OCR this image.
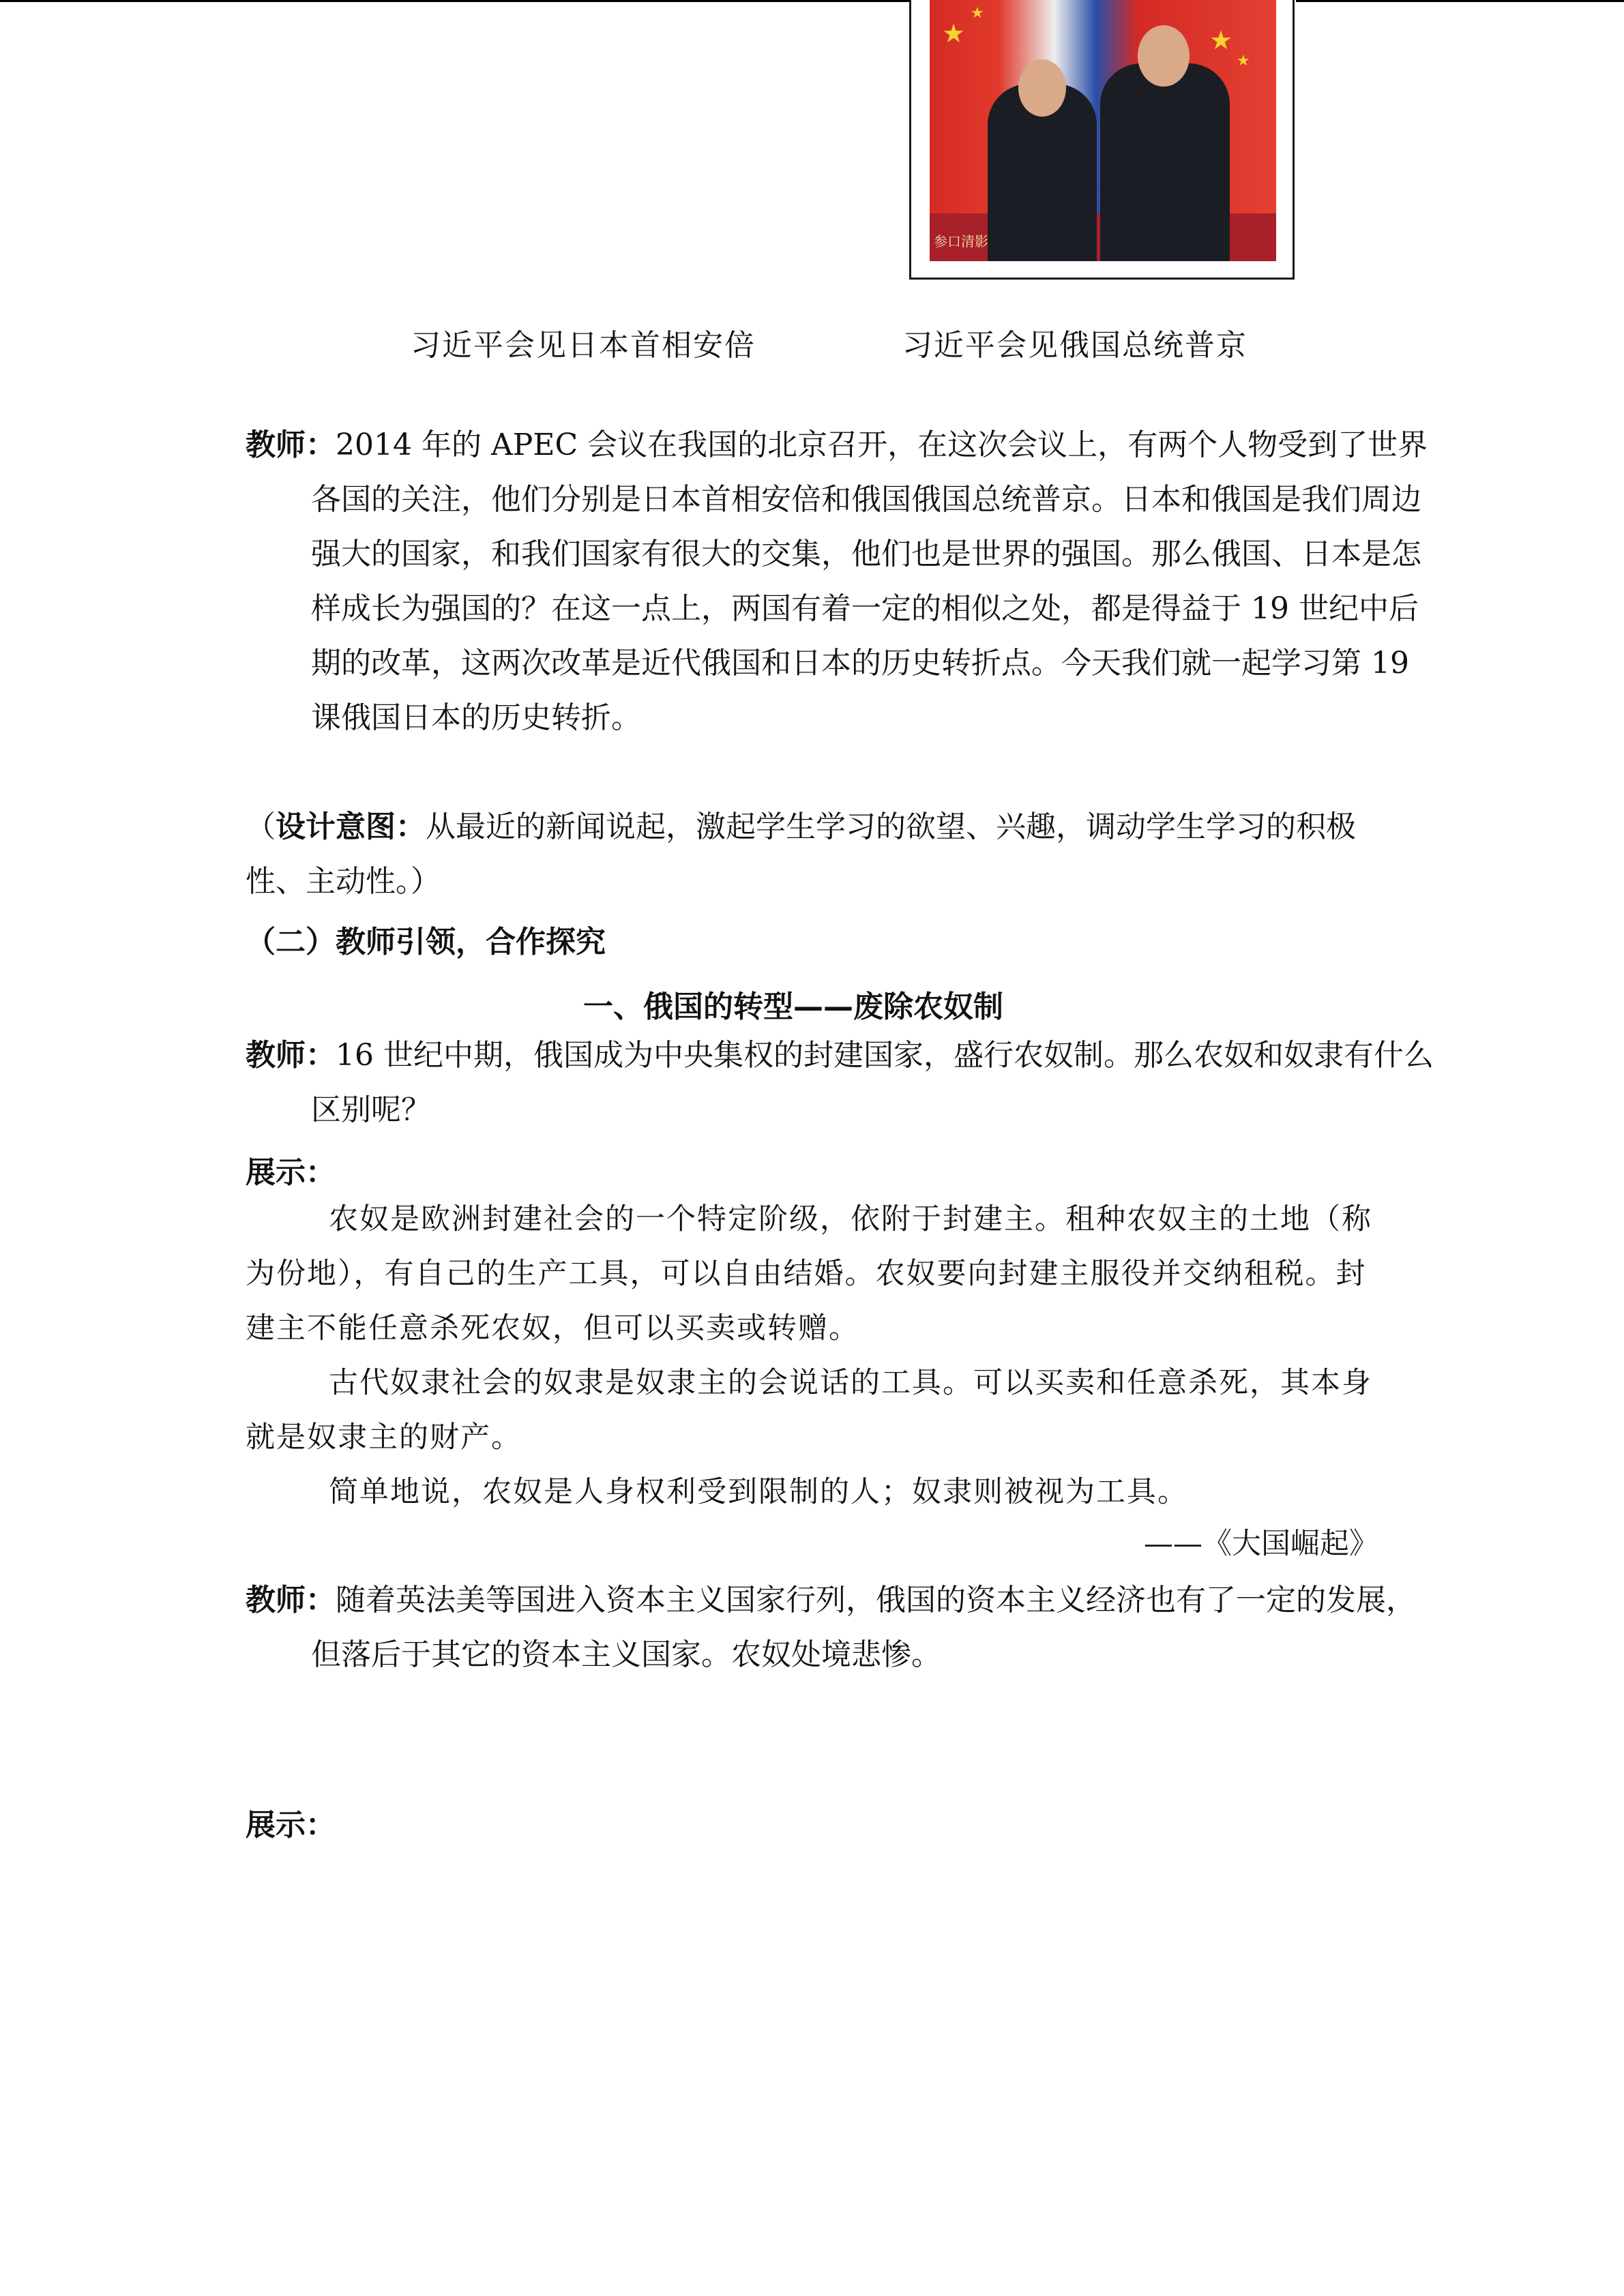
★
★
★
★
参口清影
习近平会见日本首相安倍	习近平会见俄国总统普京
教师：2014 年的 APEC 会议在我国的北京召开，在这次会议上，有两个人物受到了世界各国的关注，他们分别是日本首相安倍和俄国俄国总统普京。日本和俄国是我们周边强大的国家，和我们国家有很大的交集，他们也是世界的强国。那么俄国、日本是怎样成长为强国的？在这一点上，两国有着一定的相似之处，都是得益于 19 世纪中后期的改革，这两次改革是近代俄国和日本的历史转折点。今天我们就一起学习第 19 课俄国日本的历史转折。
（设计意图：从最近的新闻说起，激起学生学习的欲望、兴趣，调动学生学习的积极性、主动性。）
（二）教师引领，合作探究
一、俄国的转型——废除农奴制
教师：16 世纪中期，俄国成为中央集权的封建国家，盛行农奴制。那么农奴和奴隶有什么区别呢？
展示：

农奴是欧洲封建社会的一个特定阶级，依附于封建主。租种农奴主的土地（称为份地），有自己的生产工具，可以自由结婚。农奴要向封建主服役并交纳租税。封建主不能任意杀死农奴，但可以买卖或转赠。

古代奴隶社会的奴隶是奴隶主的会说话的工具。可以买卖和任意杀死，其本身就是奴隶主的财产。

简单地说，农奴是人身权利受到限制的人；奴隶则被视为工具。

——《大国崛起》
教师：随着英法美等国进入资本主义国家行列，俄国的资本主义经济也有了一定的发展，但落后于其它的资本主义国家。农奴处境悲惨。
展示：
